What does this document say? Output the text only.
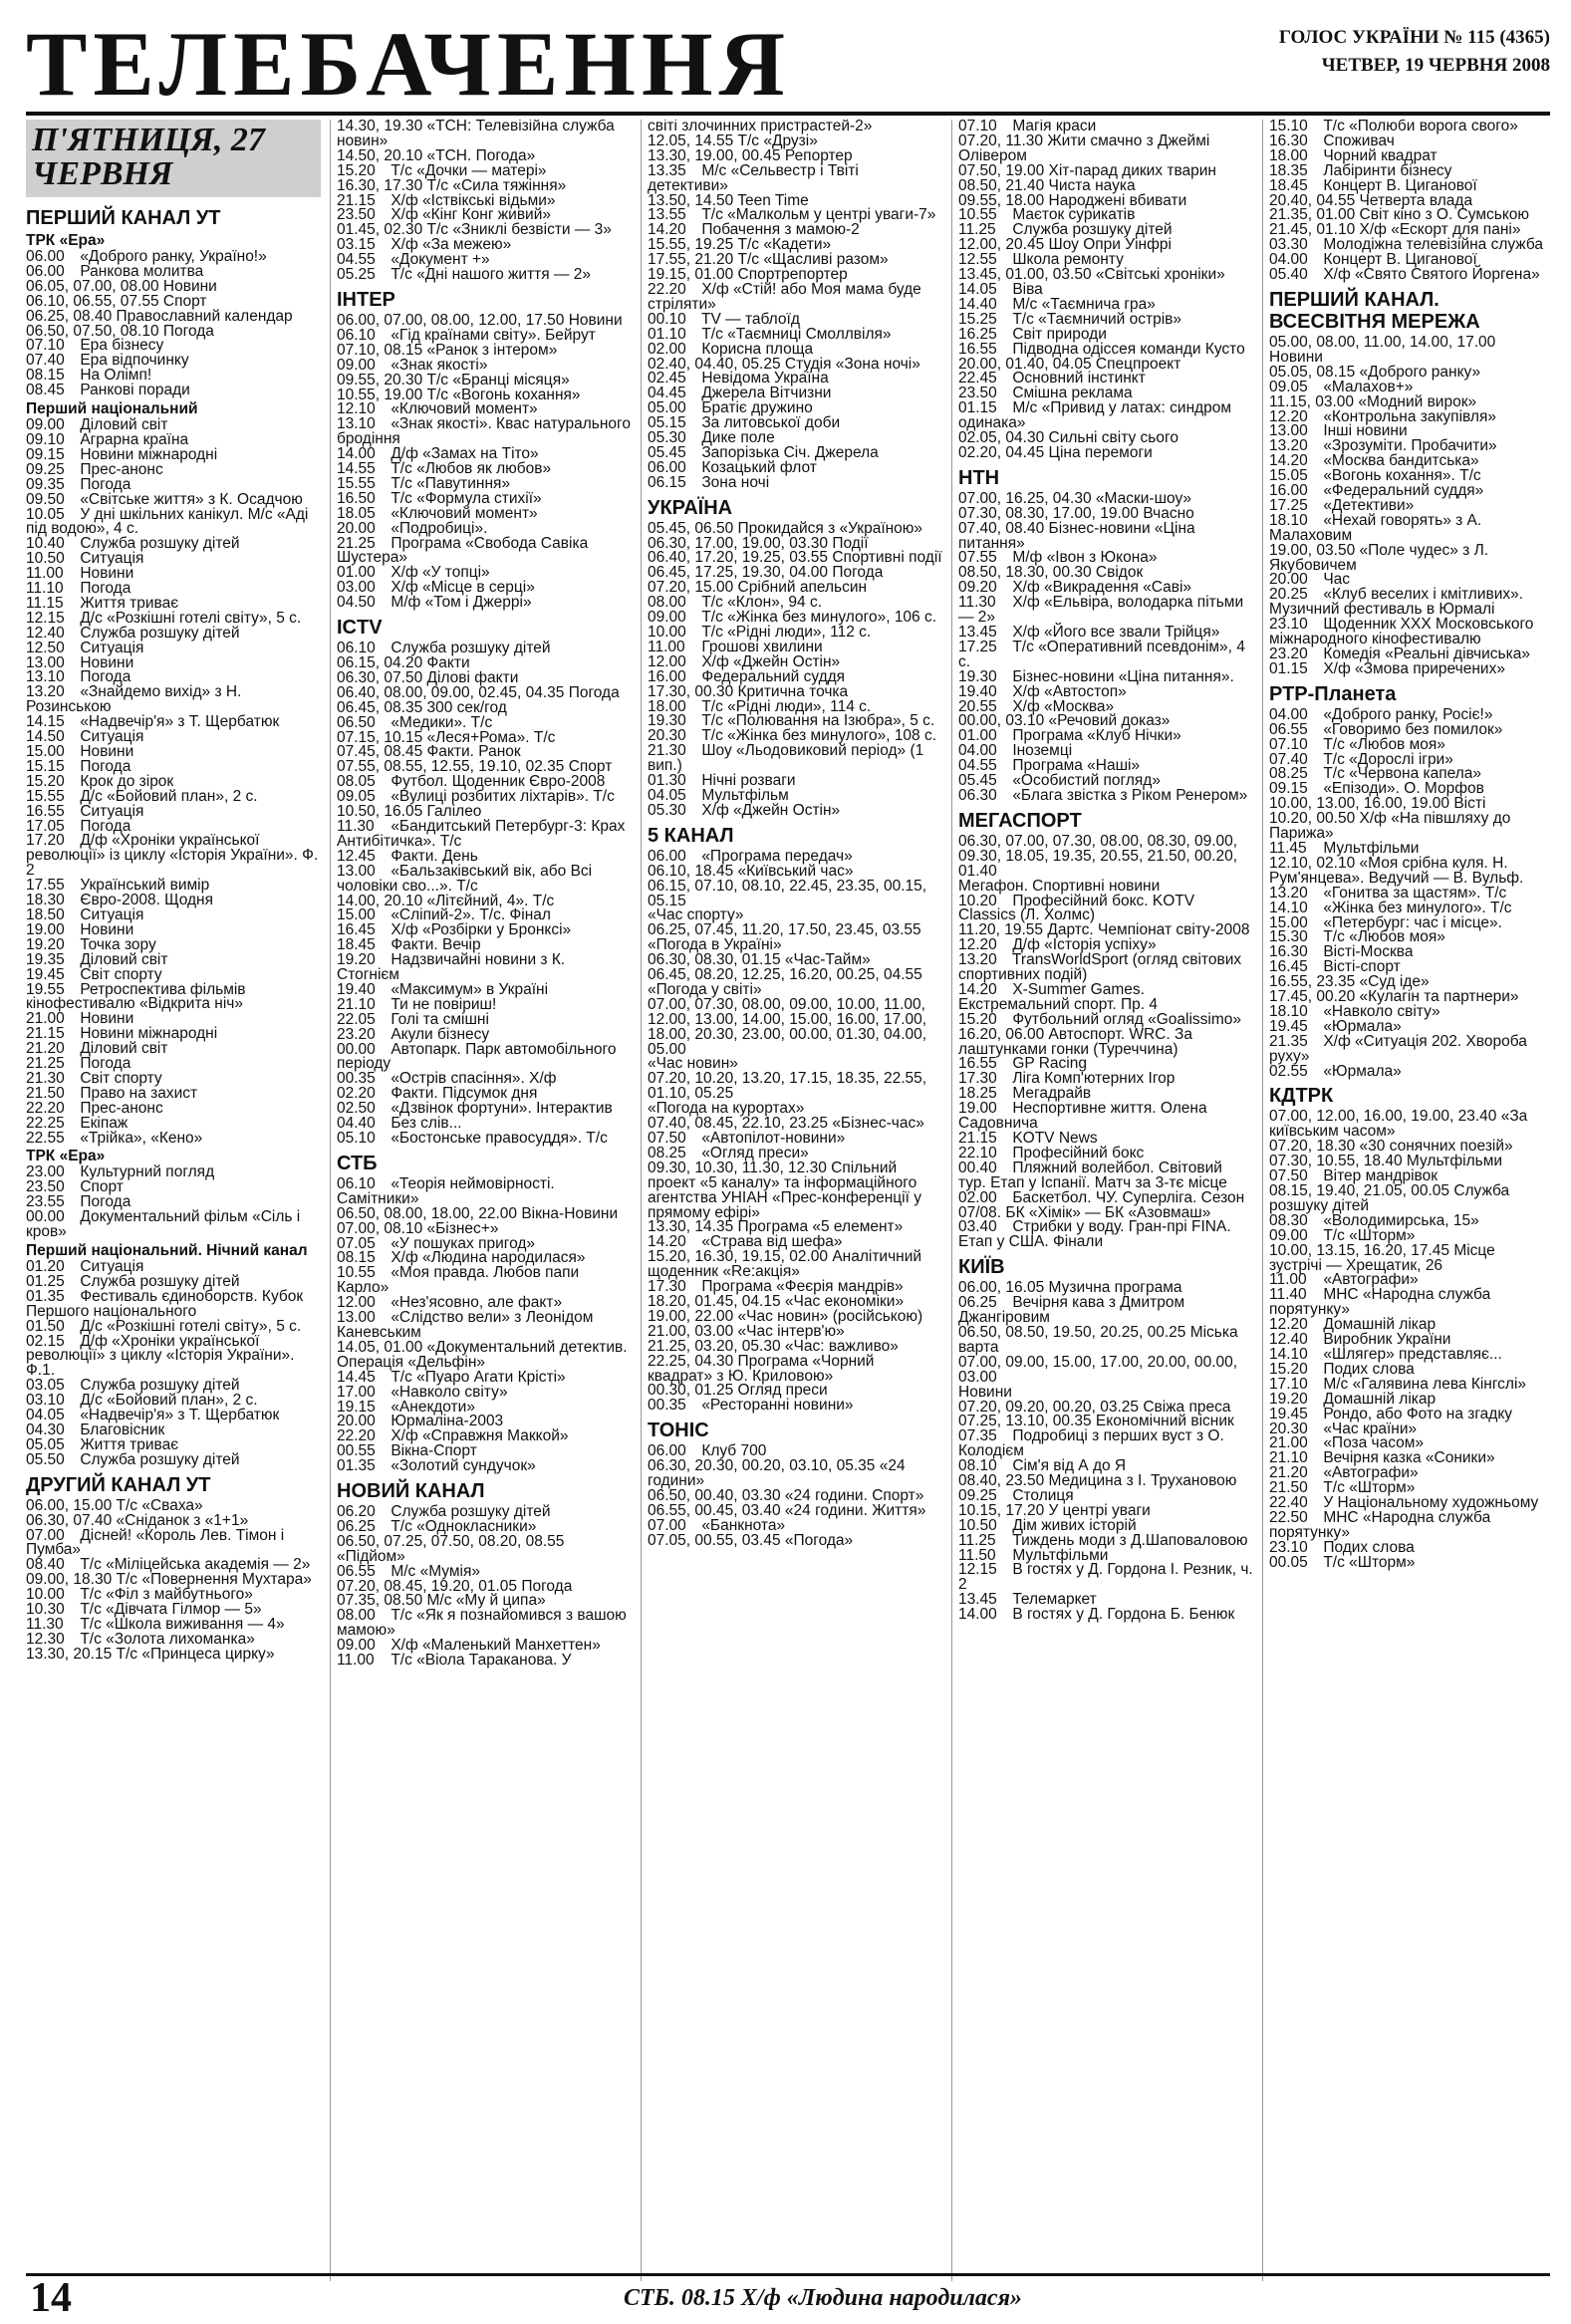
ТЕЛЕБАЧЕННЯ	ГОЛОС УКРАЇНИ № 115 (4365)
ЧЕТВЕР, 19 ЧЕРВНЯ 2008
П'ЯТНИЦЯ, 27 ЧЕРВНЯ
ПЕРШИЙ КАНАЛ УТ
ТРК «Ера»
06.00 «Доброго ранку, Україно!»
06.00 Ранкова молитва
06.05, 07.00, 08.00 Новини
06.10, 06.55, 07.55 Спорт
06.25, 08.40 Православний календар
06.50, 07.50, 08.10 Погода
07.10 Ера бізнесу
07.40 Ера відпочинку
08.15 На Олімп!
08.45 Ранкові поради
Перший національний
09.00 Діловий світ
09.10 Аграрна країна
09.15 Новини міжнародні
09.25 Прес-анонс
09.35 Погода
09.50 «Світське життя» з К. Осадчою
10.05 У дні шкільних канікул. М/с «Аді під водою», 4 с.
10.40 Служба розшуку дітей
10.50 Ситуація
11.00 Новини
11.10 Погода
11.15 Життя триває
12.15 Д/с «Розкішні готелі світу», 5 с.
12.40 Служба розшуку дітей
12.50 Ситуація
13.00 Новини
13.10 Погода
13.20 «Знайдемо вихід» з Н. Розинською
14.15 «Надвечір'я» з Т. Щербатюк
14.50 Ситуація
15.00 Новини
15.15 Погода
15.20 Крок до зірок
15.55 Д/с «Бойовий план», 2 с.
16.55 Ситуація
17.05 Погода
17.20 Д/ф «Хроніки української революції» із циклу «Історія України». Ф. 2
17.55 Український вимір
18.30 Євро-2008. Щодня
18.50 Ситуація
19.00 Новини
19.20 Точка зору
19.35 Діловий світ
19.45 Світ спорту
19.55 Ретроспектива фільмів кінофестивалю «Відкрита ніч»
21.00 Новини
21.15 Новини міжнародні
21.20 Діловий світ
21.25 Погода
21.30 Світ спорту
21.50 Право на захист
22.20 Прес-анонс
22.25 Екіпаж
22.55 «Трійка», «Кено»
ТРК «Ера»
23.00 Культурний погляд
23.50 Спорт
23.55 Погода
00.00 Документальний фільм «Сіль і кров»
Перший національний. Нічний канал
01.20 Ситуація
01.25 Служба розшуку дітей
01.35 Фестиваль єдиноборств. Кубок Першого національного
01.50 Д/с «Розкішні готелі світу», 5 с.
02.15 Д/ф «Хроніки української революції» з циклу «Історія України». Ф.1.
03.05 Служба розшуку дітей
03.10 Д/с «Бойовий план», 2 с.
04.05 «Надвечір'я» з Т. Щербатюк
04.30 Благовісник
05.05 Життя триває
05.50 Служба розшуку дітей
ДРУГИЙ КАНАЛ УТ
06.00, 15.00 Т/с «Сваха»
06.30, 07.40 «Сніданок з «1+1»
07.00 Дісней! «Король Лев. Тімон і Пумба»
08.40 Т/с «Міліцейська академія — 2»
09.00, 18.30 Т/с «Повернення Мухтара»
10.00 Т/с «Філ з майбутнього»
10.30 Т/с «Дівчата Гілмор — 5»
11.30 Т/с «Школа виживання — 4»
12.30 Т/с «Золота лихоманка»
13.30, 20.15 Т/с «Принцеса цирку»
14.30, 19.30 «ТСН: Телевізійна служба новин»
14.50, 20.10 «ТСН. Погода»
15.20 Т/с «Дочки — матері»
16.30, 17.30 Т/с «Сила тяжіння»
21.15 Х/ф «Іствікські відьми»
23.50 Х/ф «Кінг Конг живий»
01.45, 02.30 Т/с «Зниклі безвісти — 3»
03.15 Х/ф «За межею»
04.55 «Документ +»
05.25 Т/с «Дні нашого життя — 2»
ІНТЕР
06.00, 07.00, 08.00, 12.00, 17.50 Новини
06.10 «Гід країнами світу». Бейрут
07.10, 08.15 «Ранок з інтером»
09.00 «Знак якості»
09.55, 20.30 Т/с «Бранці місяця»
10.55, 19.00 Т/с «Вогонь кохання»
12.10 «Ключовий момент»
13.10 «Знак якості». Квас натурального бродіння
14.00 Д/ф «Замах на Тіто»
14.55 Т/с «Любов як любов»
15.55 Т/с «Павутиння»
16.50 Т/с «Формула стихії»
18.05 «Ключовий момент»
20.00 «Подробиці».
21.25 Програма «Свобода Савіка Шустера»
01.00 Х/ф «У топці»
03.00 Х/ф «Місце в серці»
04.50 М/ф «Том і Джеррі»
ICTV
06.10 Служба розшуку дітей
06.15, 04.20 Факти
06.30, 07.50 Ділові факти
06.40, 08.00, 09.00, 02.45, 04.35 Погода
06.45, 08.35 300 сек/год
06.50 «Медики». Т/с
07.15, 10.15 «Леся+Рома». Т/с
07.45, 08.45 Факти. Ранок
07.55, 08.55, 12.55, 19.10, 02.35 Спорт
08.05 Футбол. Щоденник Євро-2008
09.05 «Вулиці розбитих ліхтарів». Т/с
10.50, 16.05 Галілео
11.30 «Бандитський Петербург-3: Крах Антибітичка». Т/с
12.45 Факти. День
13.00 «Бальзаківський вік, або Всі чоловіки сво...». Т/с
14.00, 20.10 «Літєйний, 4». Т/с
15.00 «Сліпий-2». Т/с. Фінал
16.45 Х/ф «Розбірки у Бронксі»
18.45 Факти. Вечір
19.20 Надзвичайні новини з К. Стогнієм
19.40 «Максимум» в Україні
21.10 Ти не повіриш!
22.05 Голі та смішні
23.20 Акули бізнесу
00.00 Автопарк. Парк автомобільного періоду
00.35 «Острів спасіння». Х/ф
02.20 Факти. Підсумок дня
02.50 «Дзвінок фортуни». Інтерактив
04.40 Без слів...
05.10 «Бостонське правосуддя». Т/с
СТБ
06.10 «Теорія неймовірності. Самітники»
06.50, 08.00, 18.00, 22.00 Вікна-Новини
07.00, 08.10 «Бізнес+»
07.05 «У пошуках пригод»
08.15 Х/ф «Людина народилася»
10.55 «Моя правда. Любов папи Карло»
12.00 «Нез'ясовно, але факт»
13.00 «Слідство вели» з Леонідом Каневським
14.05, 01.00 «Документальний детектив. Операція «Дельфін»
14.45 Т/с «Пуаро Агати Крісті»
17.00 «Навколо світу»
19.15 «Анекдоти»
20.00 Юрмаліна-2003
22.20 Х/ф «Справжня Маккой»
00.55 Вікна-Спорт
01.35 «Золотий сундучок»
НОВИЙ КАНАЛ
06.20 Служба розшуку дітей
06.25 Т/с «Однокласники»
06.50, 07.25, 07.50, 08.20, 08.55 «Підйом»
06.55 М/с «Мумія»
07.20, 08.45, 19.20, 01.05 Погода
07.35, 08.50 М/с «Му й ципа»
08.00 Т/с «Як я познайомився з вашою мамою»
09.00 Х/ф «Маленький Манхеттен»
11.00 Т/с «Віола Тараканова. У
світі злочинних пристрастей-2»
12.05, 14.55 Т/с «Друзі»
13.30, 19.00, 00.45 Репортер
13.35 М/с «Сельвестр і Твіті детективи»
13.50, 14.50 Teen Time
13.55 Т/с «Малкольм у центрі уваги-7»
14.20 Побачення з мамою-2
15.55, 19.25 Т/с «Кадети»
17.55, 21.20 Т/с «Щасливі разом»
19.15, 01.00 Спортрепортер
22.20 Х/ф «Стій! або Моя мама буде стріляти»
00.10 TV — таблоїд
01.10 Т/с «Таємниці Смоллвіля»
02.00 Корисна площа
02.40, 04.40, 05.25 Студія «Зона ночі»
02.45 Невідома Україна
04.45 Джерела Вітчизни
05.00 Братіє дружино
05.15 За литовської доби
05.30 Дике поле
05.45 Запорізька Січ. Джерела
06.00 Козацький флот
06.15 Зона ночі
УКРАЇНА
05.45, 06.50 Прокидайся з «Україною»
06.30, 17.00, 19.00, 03.30 Події
06.40, 17.20, 19.25, 03.55 Спортивні події
06.45, 17.25, 19.30, 04.00 Погода
07.20, 15.00 Срібний апельсин
08.00 Т/с «Клон», 94 с.
09.00 Т/с «Жінка без минулого», 106 с.
10.00 Т/с «Рідні люди», 112 с.
11.00 Грошові хвилини
12.00 Х/ф «Джейн Остін»
16.00 Федеральний суддя
17.30, 00.30 Критична точка
18.00 Т/с «Рідні люди», 114 с.
19.30 Т/с «Полювання на Ізюбра», 5 с.
20.30 Т/с «Жінка без минулого», 108 с.
21.30 Шоу «Льодовиковий період» (1 вип.)
01.30 Нічні розваги
04.05 Мультфільм
05.30 Х/ф «Джейн Остін»
5 КАНАЛ
06.00 «Програма передач»
06.10, 18.45 «Київський час»
06.15, 07.10, 08.10, 22.45, 23.35, 00.15, 05.15 «Час спорту»
06.25, 07.45, 11.20, 17.50, 23.45, 03.55 «Погода в Україні»
06.30, 08.30, 01.15 «Час-Тайм»
06.45, 08.20, 12.25, 16.20, 00.25, 04.55 «Погода у світі»
07.00, 07.30, 08.00, 09.00, 10.00, 11.00, 12.00, 13.00, 14.00, 15.00, 16.00, 17.00, 18.00, 20.30, 23.00, 00.00, 01.30, 04.00, 05.00 «Час новин»
07.20, 10.20, 13.20, 17.15, 18.35, 22.55, 01.10, 05.25 «Погода на курортах»
07.40, 08.45, 22.10, 23.25 «Бізнес-час»
07.50 «Автопілот-новини»
08.25 «Огляд преси»
09.30, 10.30, 11.30, 12.30 Спільний проект «5 каналу» та інформаційного агентства УНІАН «Прес-конференції у прямому ефірі»
13.30, 14.35 Програма «5 елемент»
14.20 «Страва від шефа»
15.20, 16.30, 19.15, 02.00 Аналітичний щоденник «Re:акція»
17.30 Програма «Феєрія мандрів»
18.20, 01.45, 04.15 «Час економіки»
19.00, 22.00 «Час новин» (російською)
21.00, 03.00 «Час інтерв'ю»
21.25, 03.20, 05.30 «Час: важливо»
22.25, 04.30 Програма «Чорний квадрат» з Ю. Криловою»
00.30, 01.25 Огляд преси
00.35 «Ресторанні новини»
ТОНІС
06.00 Клуб 700
06.30, 20.30, 00.20, 03.10, 05.35 «24 години»
06.50, 00.40, 03.30 «24 години. Спорт»
06.55, 00.45, 03.40 «24 години. Життя»
07.00 «Банкнота»
07.05, 00.55, 03.45 «Погода»
07.10 Магія краси
07.20, 11.30 Жити смачно з Джеймі Олівером
07.50, 19.00 Хіт-парад диких тварин
08.50, 21.40 Чиста наука
09.55, 18.00 Народжені вбивати
10.55 Маєток сурикатів
11.25 Служба розшуку дітей
12.00, 20.45 Шоу Опри Уінфрі
12.55 Школа ремонту
13.45, 01.00, 03.50 «Світські хроніки»
14.05 Віва
14.40 М/с «Таємнича гра»
15.25 Т/с «Таємничий острів»
16.25 Світ природи
16.55 Підводна одіссея команди Кусто
20.00, 01.40, 04.05 Спецпроект
22.45 Основний інстинкт
23.50 Смішна реклама
01.15 М/с «Привид у латах: синдром одинака»
02.05, 04.30 Сильні світу сього
02.20, 04.45 Ціна перемоги
НТН
07.00, 16.25, 04.30 «Маски-шоу»
07.30, 08.30, 17.00, 19.00 Вчасно
07.40, 08.40 Бізнес-новини «Ціна питання»
07.55 М/ф «Івон з Юкона»
08.50, 18.30, 00.30 Свідок
09.20 Х/ф «Викрадення «Саві»
11.30 Х/ф «Ельвіра, володарка пітьми — 2»
13.45 Х/ф «Його все звали Трійця»
17.25 Т/с «Оперативний псевдонім», 4 с.
19.30 Бізнес-новини «Ціна питання».
19.40 Х/ф «Автостоп»
20.55 Х/ф «Москва»
00.00, 03.10 «Речовий доказ»
01.00 Програма «Клуб Нічки»
04.00 Іноземці
04.55 Програма «Наші»
05.45 «Особистий погляд»
06.30 «Блага звістка з Ріком Ренером»
МЕГАСПОРТ
06.30, 07.00, 07.30, 08.00, 08.30, 09.00, 09.30, 18.05, 19.35, 20.55, 21.50, 00.20, 01.40 Мегафон. Спортивні новини
10.20 Професійний бокс. KOTV Classics (Л. Холмс)
11.20, 19.55 Дартс. Чемпіонат світу-2008
12.20 Д/ф «Історія успіху»
13.20 TransWorldSport (огляд світових спортивних подій)
14.20 X-Summer Games. Екстремальний спорт. Пр. 4
15.20 Футбольний огляд «Goalissimo»
16.20, 06.00 Автоспорт. WRC. За лаштунками гонки (Туреччина)
16.55 GP Racing
17.30 Ліга Комп'ютерних Ігор
18.25 Мегадрайв
19.00 Неспортивне життя. Олена Садовнича
21.15 KOTV News
22.10 Професійний бокс
00.40 Пляжний волейбол. Світовий тур. Етап у Іспанії. Матч за 3-тє місце
02.00 Баскетбол. ЧУ. Суперліга. Сезон 07/08. БК «Хімік» — БК «Азовмаш»
03.40 Стрибки у воду. Гран-прі FINA. Етап у США. Фінали
КИЇВ
06.00, 16.05 Музична програма
06.25 Вечірня кава з Дмитром Джангіровим
06.50, 08.50, 19.50, 20.25, 00.25 Міська варта
07.00, 09.00, 15.00, 17.00, 20.00, 00.00, 03.00 Новини
07.20, 09.20, 00.20, 03.25 Свіжа преса
07.25, 13.10, 00.35 Економічний вісник
07.35 Подробиці з перших вуст з О. Колодієм
08.10 Сім'я від А до Я
08.40, 23.50 Медицина з І. Трухановою
09.25 Столиця
10.15, 17.20 У центрі уваги
10.50 Дім живих історій
11.25 Тиждень моди з Д.Шаповаловою
11.50 Мультфільми
12.15 В гостях у Д. Гордона І. Резник, ч. 2
13.45 Телемаркет
14.00 В гостях у Д. Гордона Б. Бенюк
15.10 Т/с «Полюби ворога свого»
16.30 Споживач
18.00 Чорний квадрат
18.35 Лабіринти бізнесу
18.45 Концерт В. Циганової
20.40, 04.55 Четверта влада
21.35, 01.00 Світ кіно з О. Сумською
21.45, 01.10 Х/ф «Ескорт для пані»
03.30 Молодіжна телевізійна служба
04.00 Концерт В. Циганової
05.40 Х/ф «Свято Святого Йоргена»
ПЕРШИЙ КАНАЛ. ВСЕСВІТНЯ МЕРЕЖА
05.00, 08.00, 11.00, 14.00, 17.00 Новини
05.05, 08.15 «Доброго ранку»
09.05 «Малахов+»
11.15, 03.00 «Модний вирок»
12.20 «Контрольна закупівля»
13.00 Інші новини
13.20 «Зрозуміти. Пробачити»
14.20 «Москва бандитська»
15.05 «Вогонь кохання». Т/с
16.00 «Федеральний суддя»
17.25 «Детективи»
18.10 «Нехай говорять» з А. Малаховим
19.00, 03.50 «Поле чудес» з Л. Якубовичем
20.00 Час
20.25 «Клуб веселих і кмітливих». Музичний фестиваль в Юрмалі
23.10 Щоденник ХХХ Московського міжнародного кінофестивалю
23.20 Комедія «Реальні дівчиська»
01.15 Х/ф «Змова приречених»
РТР-Планета
04.00 «Доброго ранку, Росіє!»
06.55 «Говоримо без помилок»
07.10 Т/с «Любов моя»
07.40 Т/с «Дорослі ігри»
08.25 Т/с «Червона капела»
09.15 «Епізоди». О. Морфов
10.00, 13.00, 16.00, 19.00 Вісті
10.20, 00.50 Х/ф «На півшляху до Парижа»
11.45 Мультфільми
12.10, 02.10 «Моя срібна куля. Н. Рум'янцева». Ведучий — В. Вульф.
13.20 «Гонитва за щастям». Т/с
14.10 «Жінка без минулого». Т/с
15.00 «Петербург: час і місце».
15.30 Т/с «Любов моя»
16.30 Вісті-Москва
16.45 Вісті-спорт
16.55, 23.35 «Суд іде»
17.45, 00.20 «Кулагін та партнери»
18.10 «Навколо світу»
19.45 «Юрмала»
21.35 Х/ф «Ситуація 202. Хвороба руху»
02.55 «Юрмала»
КДТРК
07.00, 12.00, 16.00, 19.00, 23.40 «За київським часом»
07.20, 18.30 «30 сонячних поезій»
07.30, 10.55, 18.40 Мультфільми
07.50 Вітер мандрівок
08.15, 19.40, 21.05, 00.05 Служба розшуку дітей
08.30 «Володимирська, 15»
09.00 Т/с «Шторм»
10.00, 13.15, 16.20, 17.45 Місце зустрічі — Хрещатик, 26
11.00 «Автографи»
11.40 МНС «Народна служба порятунку»
12.20 Домашній лікар
12.40 Виробник України
14.10 «Шлягер» представляє...
15.20 Подих слова
17.10 М/с «Галявина лева Кінгслі»
19.20 Домашній лікар
19.45 Рондо, або Фото на згадку
20.30 «Час країни»
21.00 «Поза часом»
21.10 Вечірня казка «Соники»
21.20 «Автографи»
21.50 Т/с «Шторм»
22.40 У Національному художньому
22.50 МНС «Народна служба порятунку»
23.10 Подих слова
00.05 Т/с «Шторм»
14	СТБ. 08.15 Х/ф «Людина народилася»
